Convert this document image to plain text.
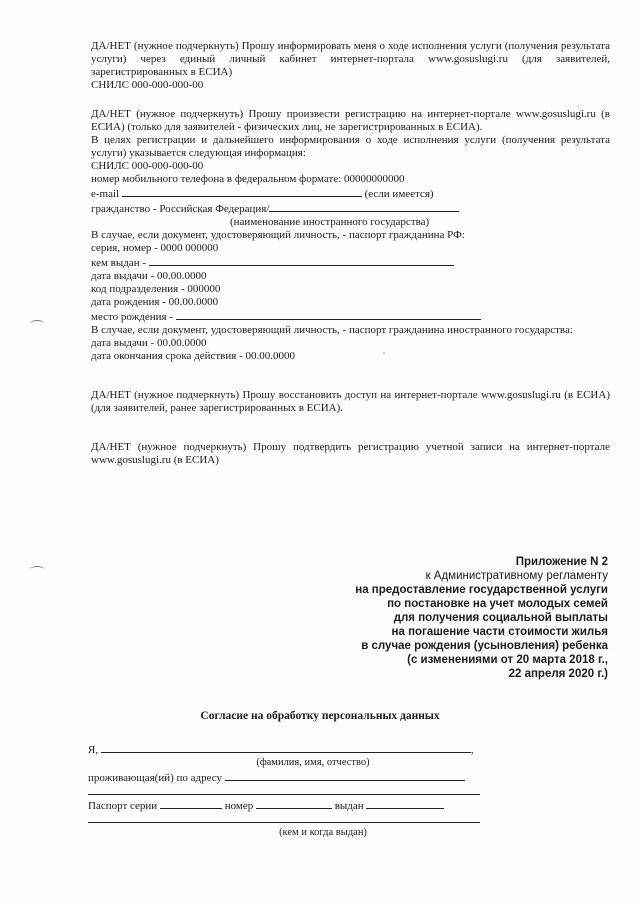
ДА/НЕТ (нужное подчеркнуть) Прошу информировать меня о ходе исполнения услуги (получения результата услуги) через единый личный кабинет интернет-портала www.gosuslugi.ru (для заявителей, зарегистрированных в ЕСИА)

СНИЛС 000-000-000-00

ДА/НЕТ (нужное подчеркнуть) Прошу произвести регистрацию на интернет-портале www.gosuslugi.ru (в ЕСИА) (только для заявителей - физических лиц, не зарегистрированных в ЕСИА).

В целях регистрации и дальнейшего информирования о ходе исполнения услуги (получения результата услуги) указывается следующая информация:

СНИЛС 000-000-000-00

номер мобильного телефона в федеральном формате: 00000000000

e-mail	(если имеется)

гражданство - Российская Федерация/

(наименование иностранного государства)

В случае, если документ, удостоверяющий личность, - паспорт гражданина РФ:

серия, номер - 0000 000000

кем выдан -

дата выдачи - 00.00.0000

код подразделения - 000000

дата рождения - 00.00.0000

место рождения -

В случае, если документ, удостоверяющий личность, - паспорт гражданина иностранного государства:

дата выдачи - 00.00.0000

дата окончания срока действия - 00.00.0000

ДА/НЕТ (нужное подчеркнуть) Прошу восстановить доступ на интернет-портале www.gosuslugi.ru (в ЕСИА) (для заявителей, ранее зарегистрированных в ЕСИА).

ДА/НЕТ (нужное подчеркнуть) Прошу подтвердить регистрацию учетной записи на интернет-портале www.gosuslugi.ru (в ЕСИА)

Приложение N 2
к Административному регламенту
на предоставление государственной услуги
по постановке на учет молодых семей
для получения социальной выплаты
на погашение части стоимости жилья
в случае рождения (усыновления) ребенка
(с изменениями от 20 марта 2018 г.,
22 апреля 2020 г.)
Согласие на обработку персональных данных
Я,	,
(фамилия, имя, отчество)
проживающая(ий) по адресу
Паспорт серии	номер	выдан
(кем и когда выдан)
